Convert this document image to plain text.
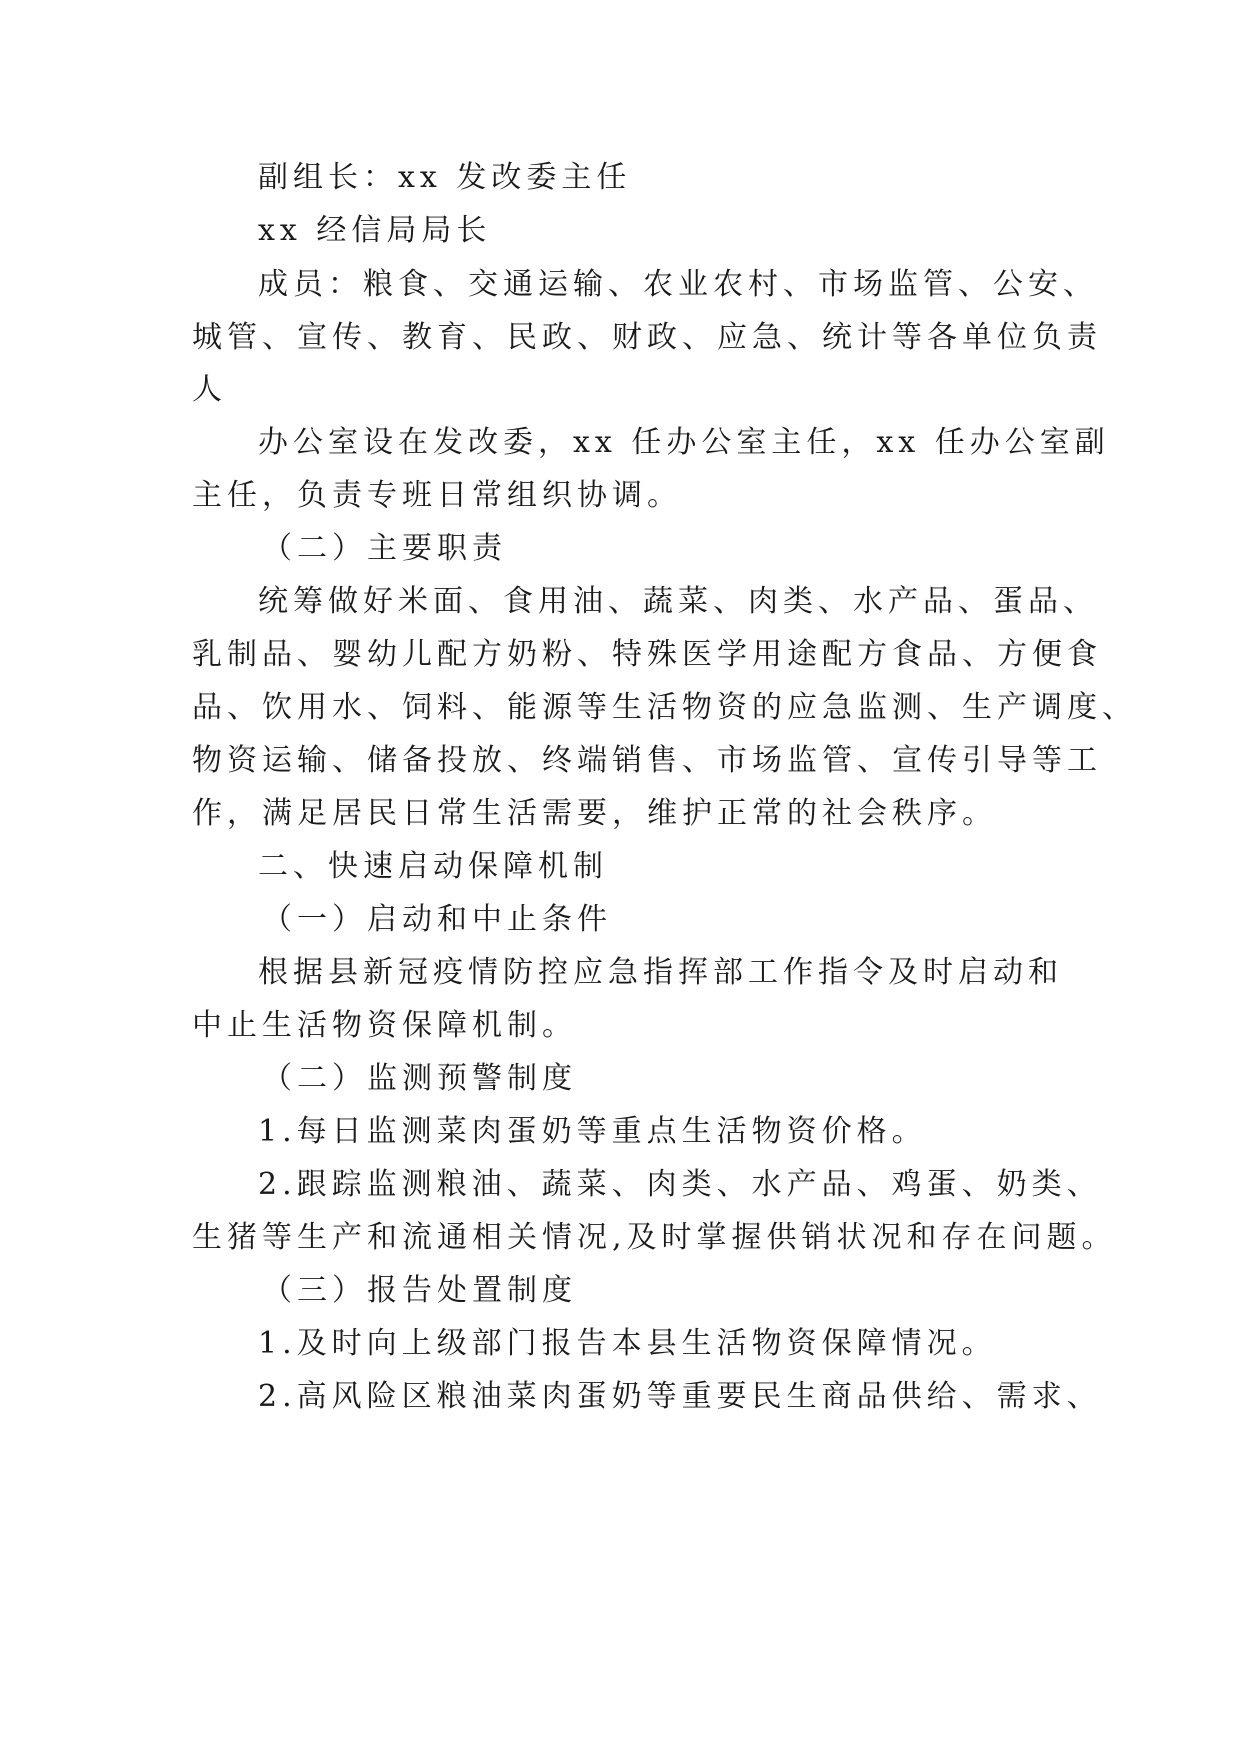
副组长：xx 发改委主任
xx 经信局局长
成员：粮食、交通运输、农业农村、市场监管、公安、
城管、宣传、教育、民政、财政、应急、统计等各单位负责
人
办公室设在发改委，xx 任办公室主任，xx 任办公室副
主任，负责专班日常组织协调。
（二）主要职责
统筹做好米面、食用油、蔬菜、肉类、水产品、蛋品、
乳制品、婴幼儿配方奶粉、特殊医学用途配方食品、方便食
品、饮用水、饲料、能源等生活物资的应急监测、生产调度、
物资运输、储备投放、终端销售、市场监管、宣传引导等工
作，满足居民日常生活需要，维护正常的社会秩序。
二、快速启动保障机制
（一）启动和中止条件
根据县新冠疫情防控应急指挥部工作指令及时启动和
中止生活物资保障机制。
（二）监测预警制度
1.每日监测菜肉蛋奶等重点生活物资价格。
2.跟踪监测粮油、蔬菜、肉类、水产品、鸡蛋、奶类、
生猪等生产和流通相关情况,及时掌握供销状况和存在问题。
（三）报告处置制度
1.及时向上级部门报告本县生活物资保障情况。
2.高风险区粮油菜肉蛋奶等重要民生商品供给、需求、
